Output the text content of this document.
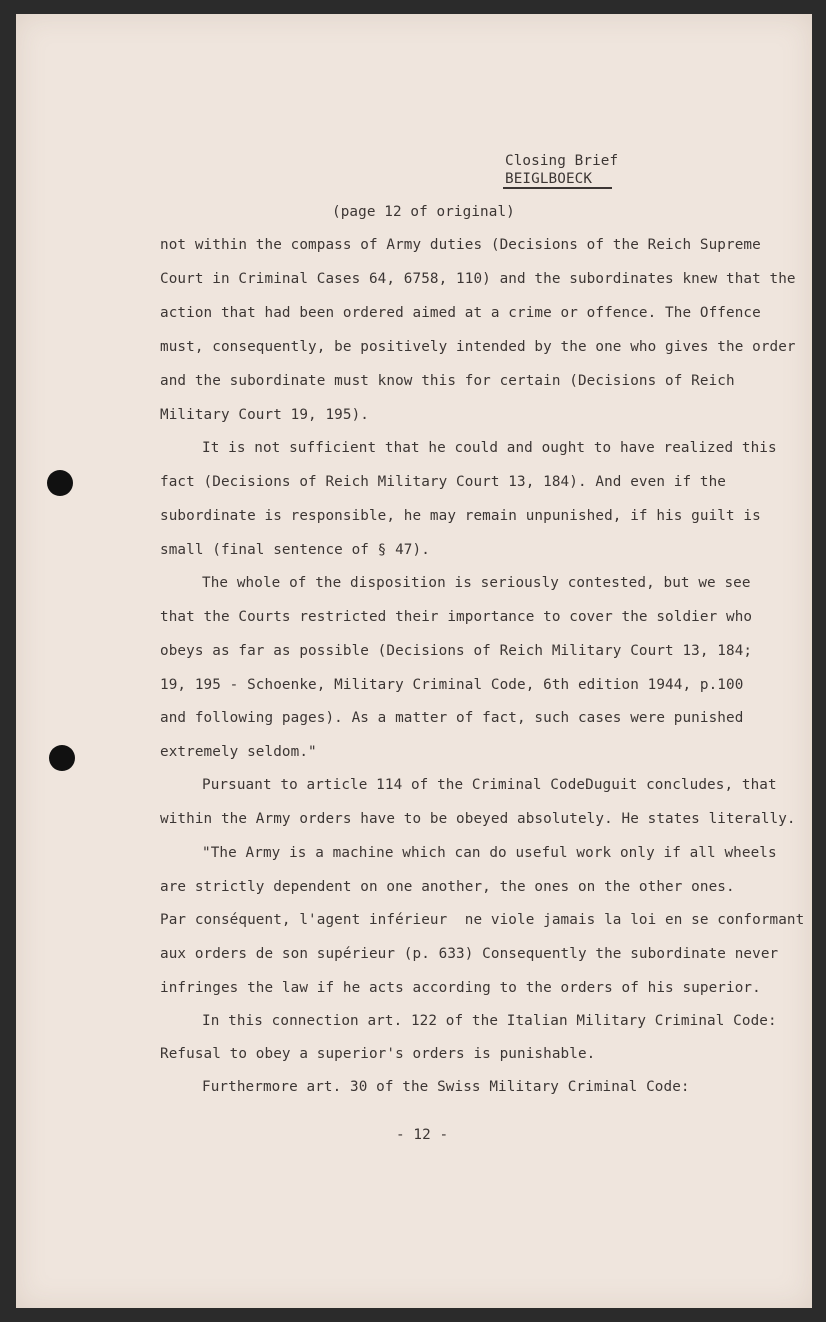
Closing Brief
BEIGLBOECK
(page 12 of original)
not within the compass of Army duties (Decisions of the Reich Supreme
Court in Criminal Cases 64, 6758, 110) and the subordinates knew that the
action that had been ordered aimed at a crime or offence. The Offence
must, consequently, be positively intended by the one who gives the order
and the subordinate must know this for certain (Decisions of Reich
Military Court 19, 195).
It is not sufficient that he could and ought to have realized this
fact (Decisions of Reich Military Court 13, 184). And even if the
subordinate is responsible, he may remain unpunished, if his guilt is
small (final sentence of § 47).
The whole of the disposition is seriously contested, but we see
that the Courts restricted their importance to cover the soldier who
obeys as far as possible (Decisions of Reich Military Court 13, 184;
19, 195 - Schoenke, Military Criminal Code, 6th edition 1944, p.100
and following pages). As a matter of fact, such cases were punished
extremely seldom."
Pursuant to article 114 of the Criminal CodeDuguit concludes, that
within the Army orders have to be obeyed absolutely. He states literally.
"The Army is a machine which can do useful work only if all wheels
are strictly dependent on one another, the ones on the other ones.
Par conséquent, l'agent inférieur  ne viole jamais la loi en se conformant
aux orders de son supérieur (p. 633) Consequently the subordinate never
infringes the law if he acts according to the orders of his superior.
In this connection art. 122 of the Italian Military Criminal Code:
Refusal to obey a superior's orders is punishable.
Furthermore art. 30 of the Swiss Military Criminal Code:
- 12 -
